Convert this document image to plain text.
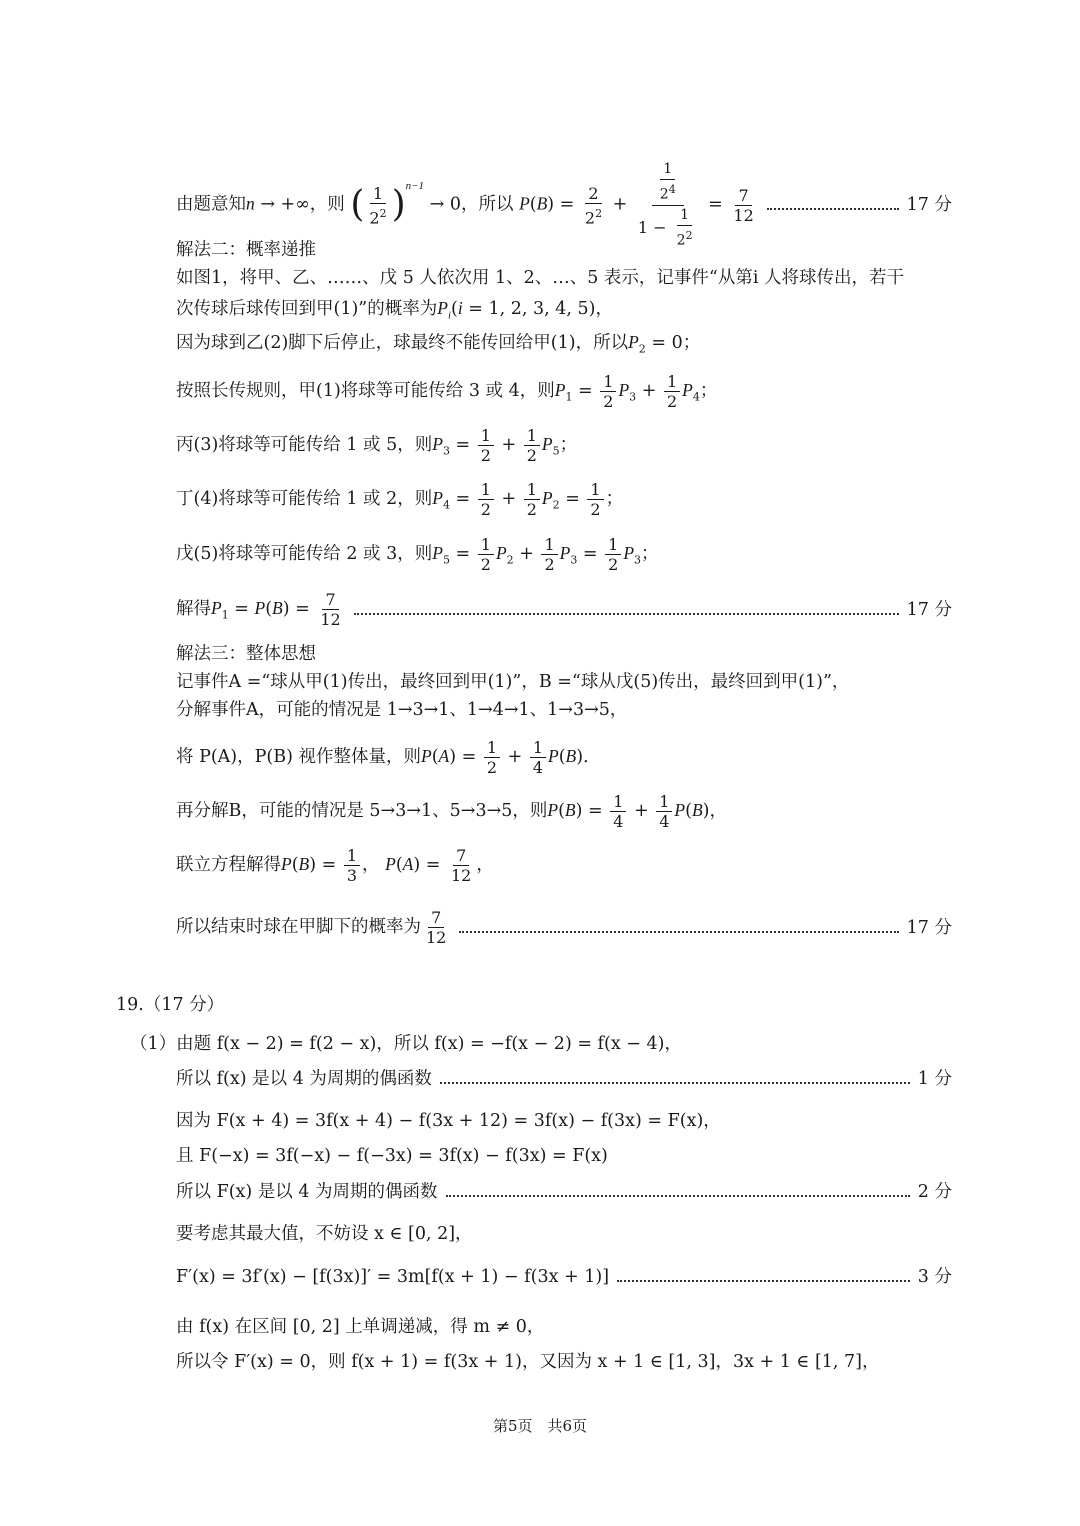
由题意知n → +∞，则 ( $\frac{1}{2^2} )^{n-1} \to 0$，所以 $P(B) = \frac{2}{2^2} + \frac{\frac{1}{2^4}}{1 - \frac{1}{2^2}} = \frac{7}{12}$	17 分
解法二：概率递推
如图1，将甲、乙、……、戊 5 人依次用 1、2、…、5 表示，记事件“从第i 人将球传出，若干
次传球后球传回到甲(1)”的概率为$P_i(i = 1$, 2, 3, 4, 5)，
因为球到乙(2)脚下后停止，球最终不能传回给甲(1)，所以$P_2 = 0$；
按照长传规则，甲(1)将球等可能传给 3 或 4，则$P_1 = \frac{1}{2} P_3 + \frac{1}{2} P_4$；
丙(3)将球等可能传给 1 或 5，则$P_3 = \frac{1}{2} + \frac{1}{2} P_5$；
丁(4)将球等可能传给 1 或 2，则$P_4 = \frac{1}{2} + \frac{1}{2} P_2 = \frac{1}{2}$ ；
戊(5)将球等可能传给 2 或 3，则$P_5 = \frac{1}{2} P_2 + \frac{1}{2} P_3 = \frac{1}{2} P_3$；
解得$P_1 = P(B) = \frac{7}{12}$	17 分
解法三：整体思想
记事件A =“球从甲(1)传出，最终回到甲(1)”，B =“球从戊(5)传出，最终回到甲(1)”，
分解事件A，可能的情况是 1→3→1、1→4→1、1→3→5，
将 P(A)，P(B) 视作整体量，则$P(A) = \frac{1}{2} + \frac{1}{4} P(B)$．
再分解B，可能的情况是 5→3→1、5→3→5，则$P(B) = \frac{1}{4} + \frac{1}{4} P(B)$，
联立方程解得$P(B) = \frac{1}{3}$ ， $P(A) = \frac{7}{12}$ ，
所以结束时球在甲脚下的概率为 $\frac{7}{12}$	17 分
19.（17 分）
（1）由题 f(x − 2) = f(2 − x)，所以 f(x) = −f(x − 2) = f(x − 4)，
所以 f(x) 是以 4 为周期的偶函数	1 分
因为 F(x + 4) = 3f(x + 4) − f(3x + 12) = 3f(x) − f(3x) = F(x)，
且 F(−x) = 3f(−x) − f(−3x) = 3f(x) − f(3x) = F(x)
所以 F(x) 是以 4 为周期的偶函数	2 分
要考虑其最大值，不妨设 x ∈ [0, 2]，
F′(x) = 3f′(x) − [f(3x)]′ = 3m[f(x + 1) − f(3x + 1)]	3 分
由 f(x) 在区间 [0, 2] 上单调递减，得 m ≠ 0，
所以令 F′(x) = 0，则 f(x + 1) = f(3x + 1)，又因为 x + 1 ∈ [1, 3]，3x + 1 ∈ [1, 7]，
第5页　共6页
